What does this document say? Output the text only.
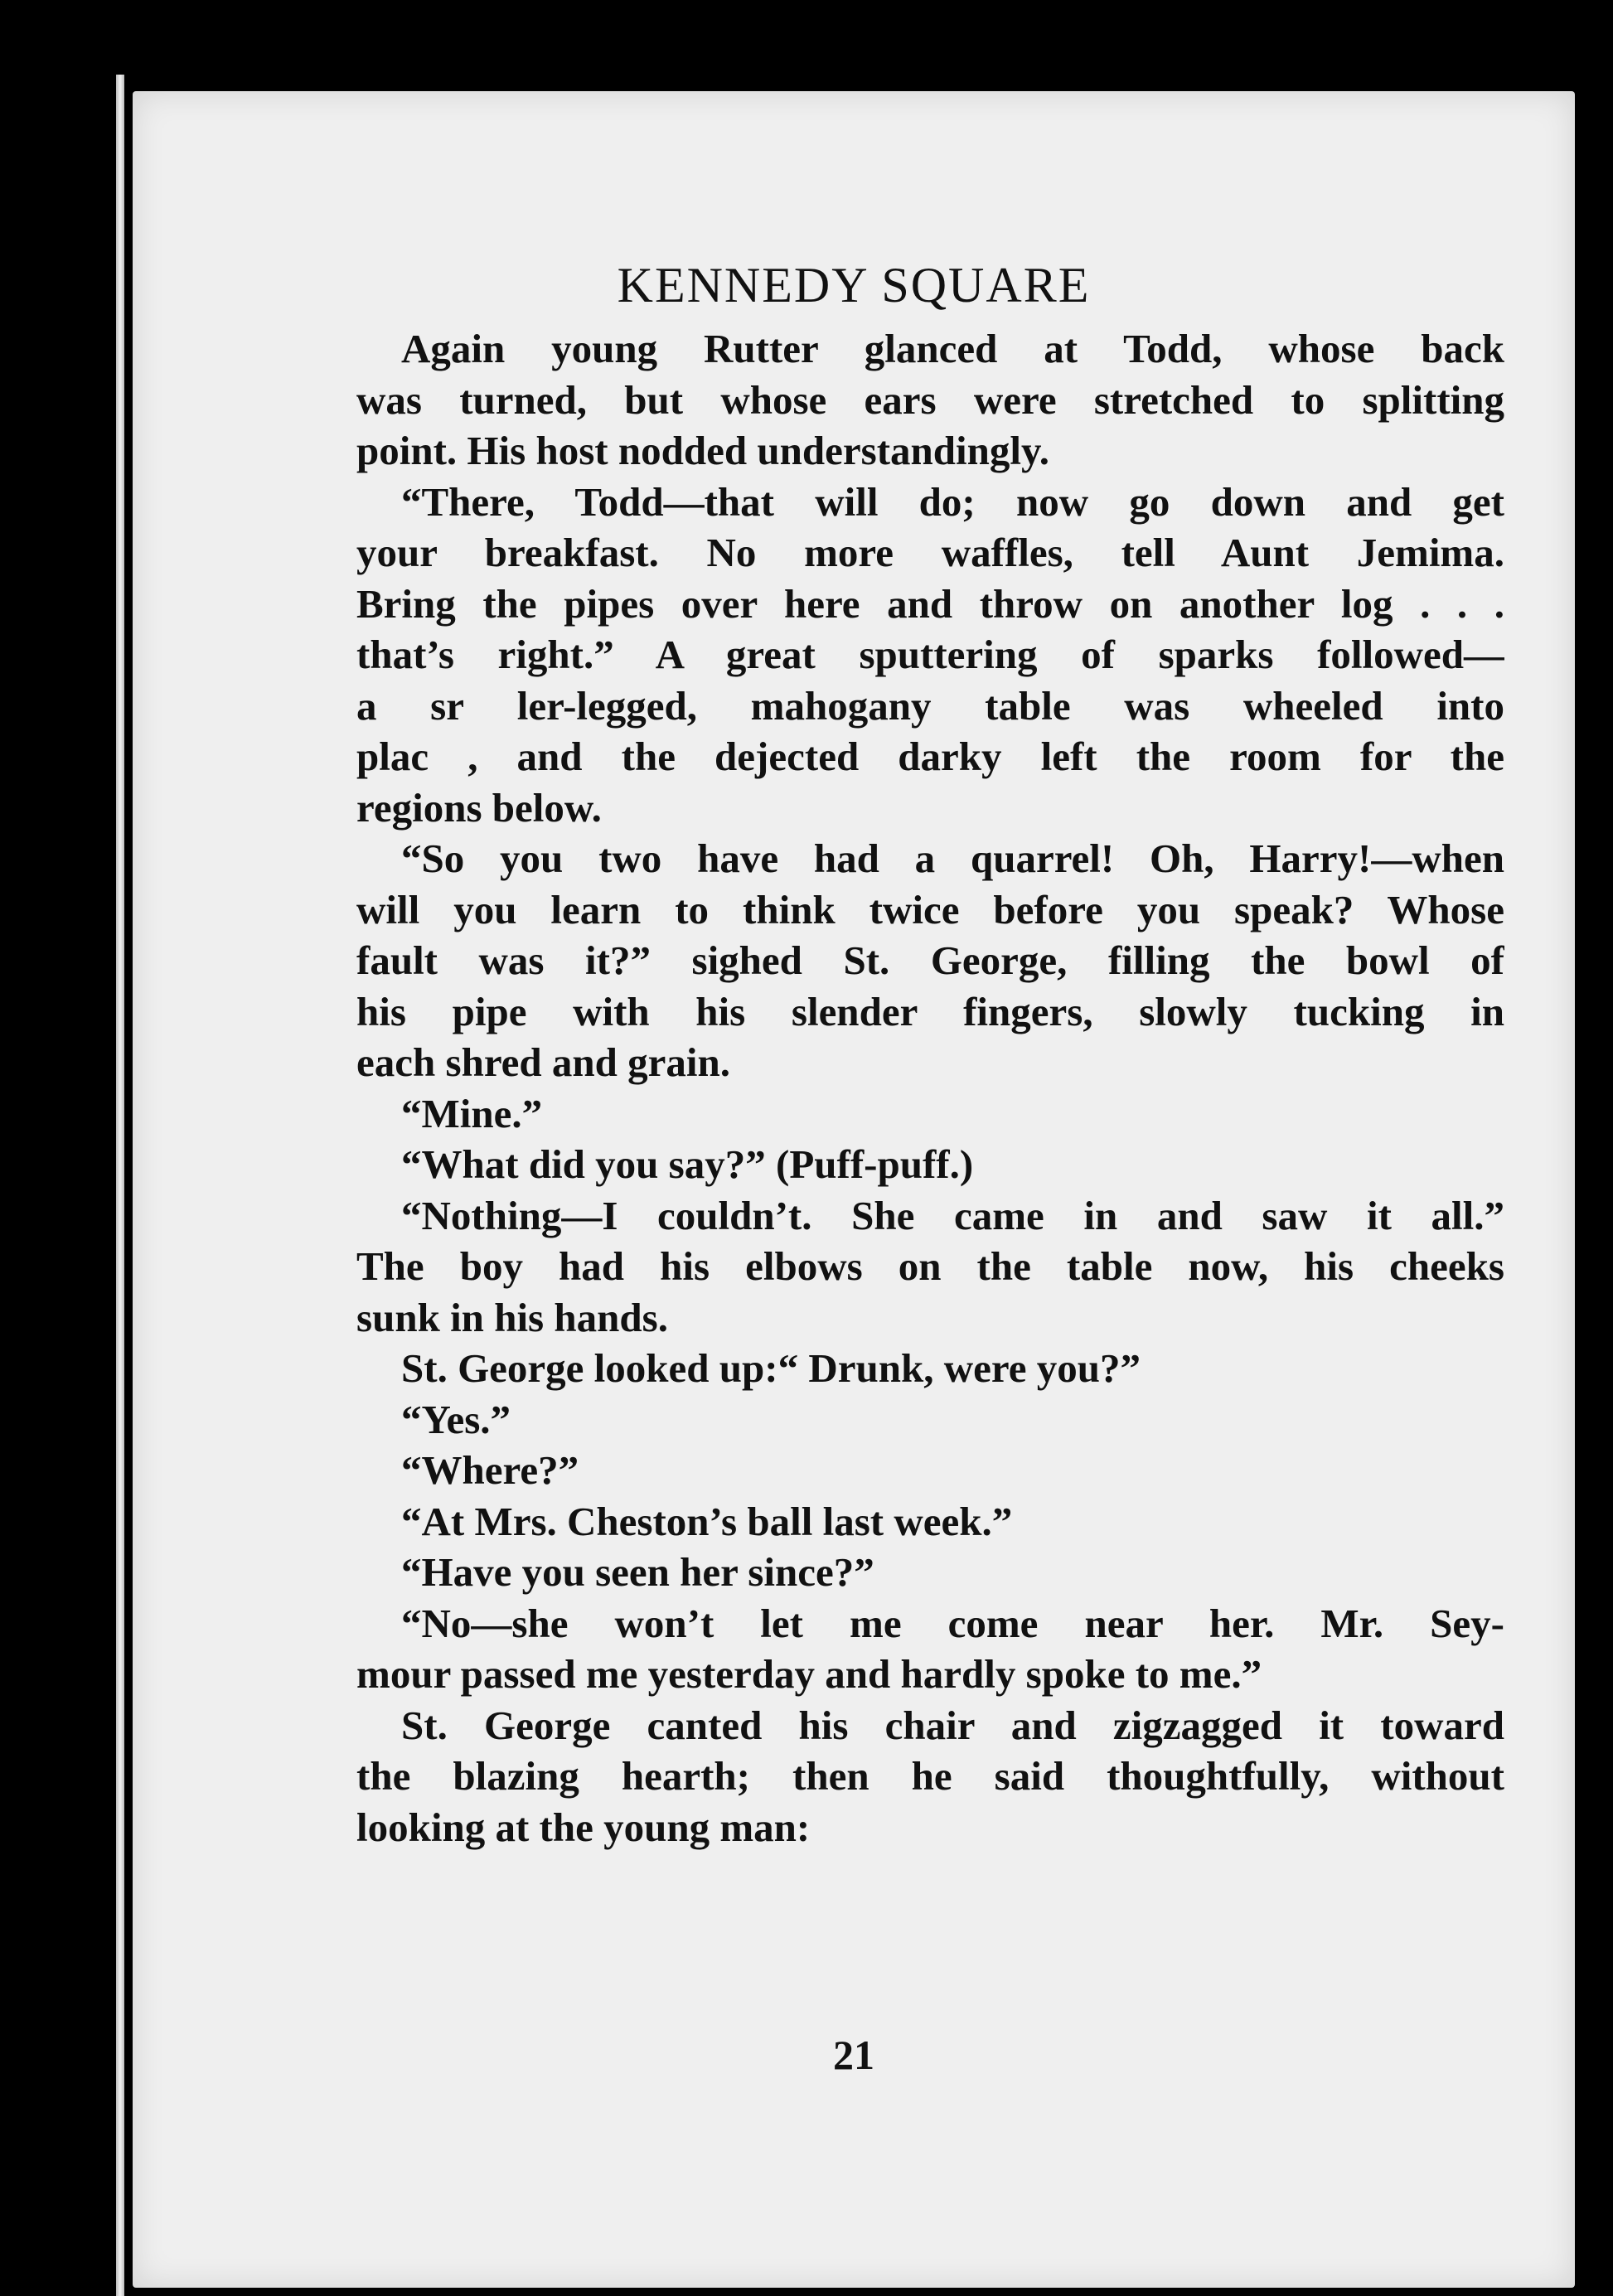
KENNEDY SQUARE
Again young Rutter glanced at Todd, whose back
was turned, but whose ears were stretched to splitting
point. His host nodded understandingly.
“There, Todd—that will do; now go down and get
your breakfast. No more waffles, tell Aunt Jemima.
Bring the pipes over here and throw on another log . . .
that’s right.” A great sputtering of sparks followed—
a sr ler-legged, mahogany table was wheeled into
plac , and the dejected darky left the room for the
regions below.
“So you two have had a quarrel! Oh, Harry!—when
will you learn to think twice before you speak? Whose
fault was it?” sighed St. George, filling the bowl of
his pipe with his slender fingers, slowly tucking in
each shred and grain.
“Mine.”
“What did you say?” (Puff-puff.)
“Nothing—I couldn’t. She came in and saw it all.”
The boy had his elbows on the table now, his cheeks
sunk in his hands.
St. George looked up:“ Drunk, were you?”
“Yes.”
“Where?”
“At Mrs. Cheston’s ball last week.”
“Have you seen her since?”
“No—she won’t let me come near her. Mr. Sey-
mour passed me yesterday and hardly spoke to me.”
St. George canted his chair and zigzagged it toward
the blazing hearth; then he said thoughtfully, without
looking at the young man:
21
